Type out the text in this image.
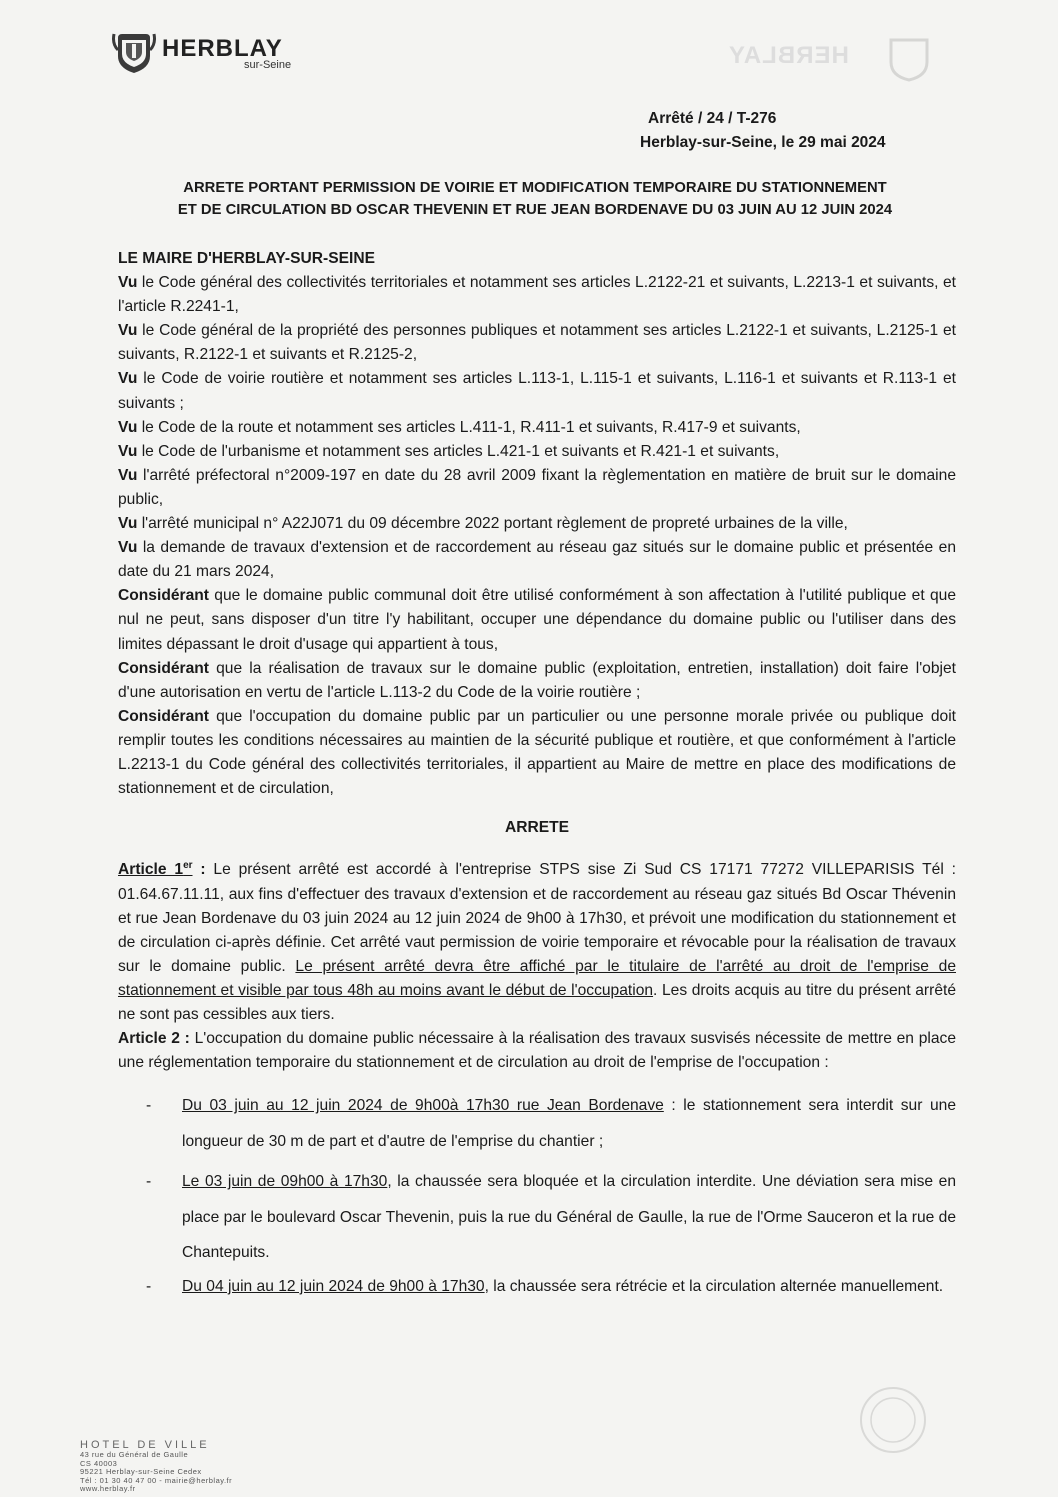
HERBLAY
HERBLAY
sur-Seine
Arrêté / 24 / T-276
Herblay-sur-Seine, le 29 mai 2024
ARRETE PORTANT PERMISSION DE VOIRIE ET MODIFICATION TEMPORAIRE DU STATIONNEMENT
ET DE CIRCULATION BD OSCAR THEVENIN ET RUE JEAN BORDENAVE DU 03 JUIN AU 12 JUIN 2024

LE MAIRE D'HERBLAY-SUR-SEINE

Vu le Code général des collectivités territoriales et notamment ses articles L.2122-21 et suivants, L.2213-1 et suivants, et l'article R.2241-1,

Vu le Code général de la propriété des personnes publiques et notamment ses articles L.2122-1 et suivants, L.2125-1 et suivants, R.2122-1 et suivants et R.2125-2,

Vu le Code de voirie routière et notamment ses articles L.113-1, L.115-1 et suivants, L.116-1 et suivants et R.113-1 et suivants ;

Vu le Code de la route et notamment ses articles L.411-1, R.411-1 et suivants, R.417-9 et suivants,

Vu le Code de l'urbanisme et notamment ses articles L.421-1 et suivants et R.421-1 et suivants,

Vu l'arrêté préfectoral n°2009-197 en date du 28 avril 2009 fixant la règlementation en matière de bruit sur le domaine public,

Vu l'arrêté municipal n° A22J071 du 09 décembre 2022 portant règlement de propreté urbaines de la ville,

Vu la demande de travaux d'extension et de raccordement au réseau gaz situés sur le domaine public et présentée en date du 21 mars 2024,

Considérant que le domaine public communal doit être utilisé conformément à son affectation à l'utilité publique et que nul ne peut, sans disposer d'un titre l'y habilitant, occuper une dépendance du domaine public ou l'utiliser dans des limites dépassant le droit d'usage qui appartient à tous,

Considérant que la réalisation de travaux sur le domaine public (exploitation, entretien, installation) doit faire l'objet d'une autorisation en vertu de l'article L.113-2 du Code de la voirie routière ;

Considérant que l'occupation du domaine public par un particulier ou une personne morale privée ou publique doit remplir toutes les conditions nécessaires au maintien de la sécurité publique et routière, et que conformément à l'article L.2213-1 du Code général des collectivités territoriales, il appartient au Maire de mettre en place des modifications de stationnement et de circulation,

ARRETE

Article 1er : Le présent arrêté est accordé à l'entreprise STPS sise Zi Sud CS 17171 77272 VILLEPARISIS Tél : 01.64.67.11.11, aux fins d'effectuer des travaux d'extension et de raccordement au réseau gaz situés Bd Oscar Thévenin et rue Jean Bordenave du 03 juin 2024 au 12 juin 2024 de 9h00 à 17h30, et prévoit une modification du stationnement et de circulation ci-après définie. Cet arrêté vaut permission de voirie temporaire et révocable pour la réalisation de travaux sur le domaine public. Le présent arrêté devra être affiché par le titulaire de l'arrêté au droit de l'emprise de stationnement et visible par tous 48h au moins avant le début de l'occupation. Les droits acquis au titre du présent arrêté ne sont pas cessibles aux tiers.

Article 2 : L'occupation du domaine public nécessaire à la réalisation des travaux susvisés nécessite de mettre en place une réglementation temporaire du stationnement et de circulation au droit de l'emprise de l'occupation :

- Du 03 juin au 12 juin 2024 de 9h00à 17h30 rue Jean Bordenave : le stationnement sera interdit sur une longueur de 30 m de part et d'autre de l'emprise du chantier ;
- Le 03 juin de 09h00 à 17h30, la chaussée sera bloquée et la circulation interdite. Une déviation sera mise en place par le boulevard Oscar Thevenin, puis la rue du Général de Gaulle, la rue de l'Orme Sauceron et la rue de Chantepuits.
- Du 04 juin au 12 juin 2024 de 9h00 à 17h30, la chaussée sera rétrécie et la circulation alternée manuellement.
HOTEL DE VILLE
43 rue du Général de Gaulle
CS 40003
95221 Herblay-sur-Seine Cedex
Tél : 01 30 40 47 00 - mairie@herblay.fr
www.herblay.fr
